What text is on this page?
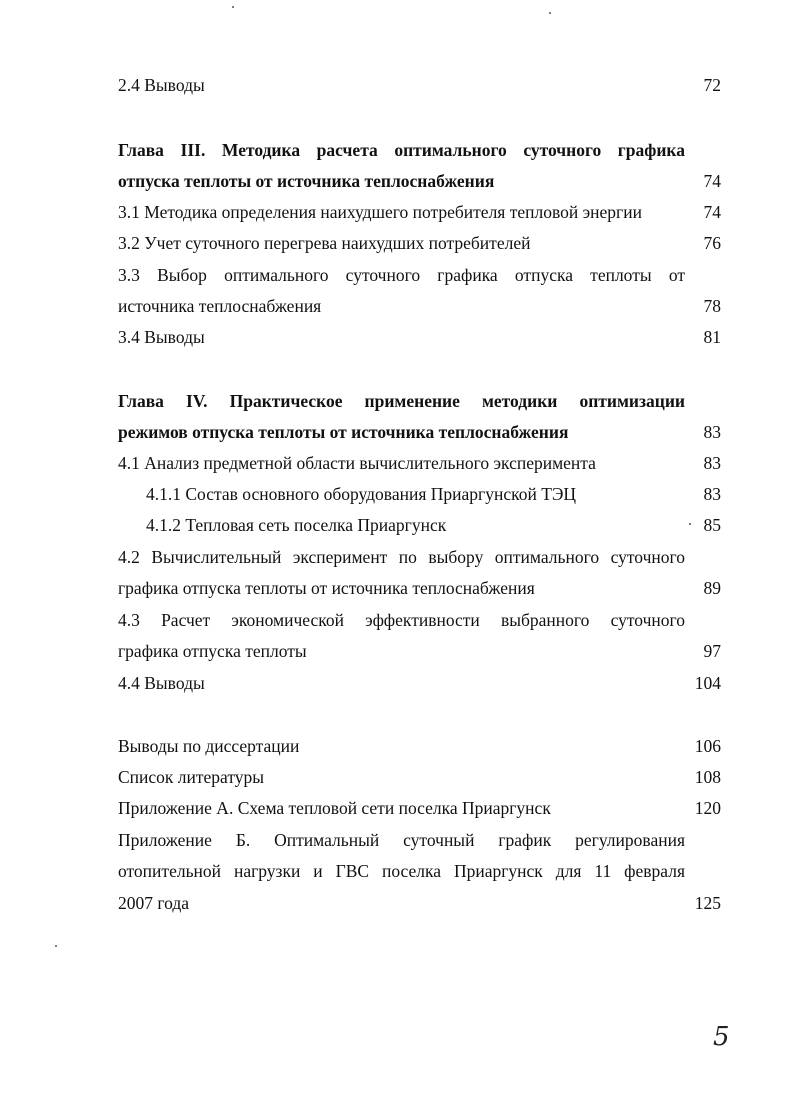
2.4 Выводы	72
Глава III. Методика расчета оптимального суточного графика
отпуска теплоты от источника теплоснабжения	74
3.1 Методика определения наихудшего потребителя тепловой энергии	74
3.2 Учет суточного перегрева наихудших потребителей	76
3.3 Выбор оптимального суточного графика отпуска теплоты от
источника теплоснабжения	78
3.4 Выводы	81
Глава IV. Практическое применение методики оптимизации
режимов отпуска теплоты от источника теплоснабжения	83
4.1 Анализ предметной области вычислительного эксперимента	83
4.1.1 Состав основного оборудования Приаргунской ТЭЦ	83
4.1.2 Тепловая сеть поселка Приаргунск	85
4.2 Вычислительный эксперимент по выбору оптимального суточного
графика отпуска теплоты от источника теплоснабжения	89
4.3 Расчет экономической эффективности выбранного суточного
графика отпуска теплоты	97
4.4 Выводы	104
Выводы по диссертации	106
Список литературы	108
Приложение А. Схема тепловой сети поселка Приаргунск	120
Приложение Б. Оптимальный суточный график регулирования
отопительной нагрузки и ГВС поселка Приаргунск для 11 февраля
2007 года	125
5
